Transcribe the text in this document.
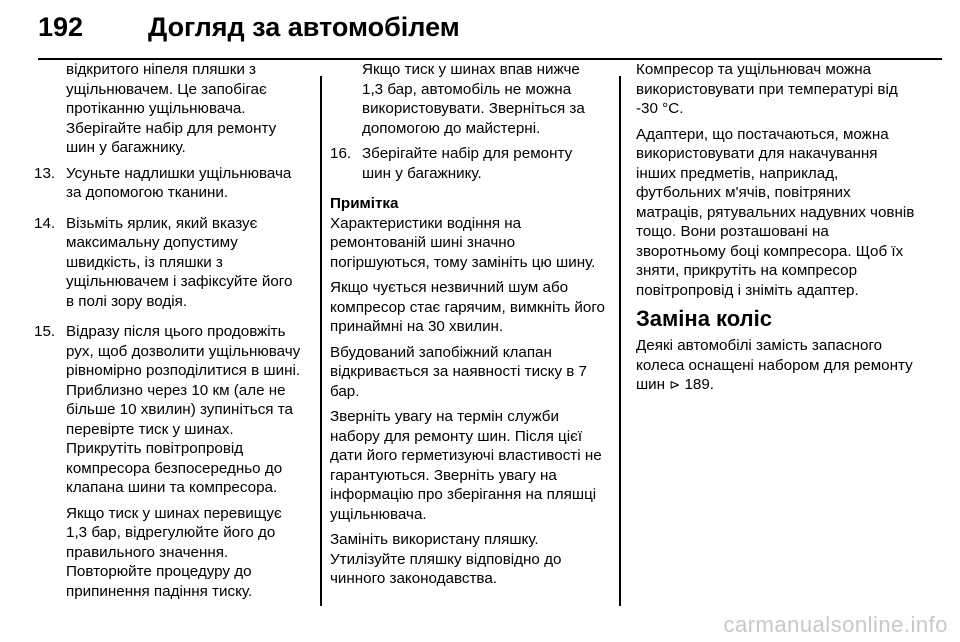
192 Догляд за автомобілем
відкритого ніпеля пляшки з ущільнювачем. Це запобігає протіканню ущільнювача. Зберігайте набір для ремонту шин у багажнику.
13. Усуньте надлишки ущільнювача за допомогою тканини.
14. Візьміть ярлик, який вказує максимальну допустиму швидкість, із пляшки з ущільнювачем і зафіксуйте його в полі зору водія.
15. Відразу після цього продовжіть рух, щоб дозволити ущільнювачу рівномірно розподілитися в шині. Приблизно через 10 км (але не більше 10 хвилин) зупиніться та перевірте тиск у шинах. Прикрутіть повітропровід компресора безпосередньо до клапана шини та компресора.
Якщо тиск у шинах перевищує 1,3 бар, відрегулюйте його до правильного значення. Повторюйте процедуру до припинення падіння тиску.
Якщо тиск у шинах впав нижче 1,3 бар, автомобіль не можна використовувати. Зверніться за допомогою до майстерні.
16. Зберігайте набір для ремонту шин у багажнику.
Примітка
Характеристики водіння на ремонтованій шині значно погіршуються, тому замініть цю шину.
Якщо чується незвичний шум або компресор стає гарячим, вимкніть його принаймні на 30 хвилин.
Вбудований запобіжний клапан відкривається за наявності тиску в 7 бар.
Зверніть увагу на термін служби набору для ремонту шин. Після цієї дати його герметизуючі властивості не гарантуються. Зверніть увагу на інформацію про зберігання на пляшці ущільнювача.
Замініть використану пляшку. Утилізуйте пляшку відповідно до чинного законодавства.
Компресор та ущільнювач можна використовувати при температурі від -30 °C.
Адаптери, що постачаються, можна використовувати для накачування інших предметів, наприклад, футбольних м'ячів, повітряних матраців, рятувальних надувних човнів тощо. Вони розташовані на зворотньому боці компресора. Щоб їх зняти, прикрутіть на компресор повітропровід і зніміть адаптер.
Заміна коліс
Деякі автомобілі замість запасного колеса оснащені набором для ремонту шин ⊳ 189.
carmanualsonline.info
